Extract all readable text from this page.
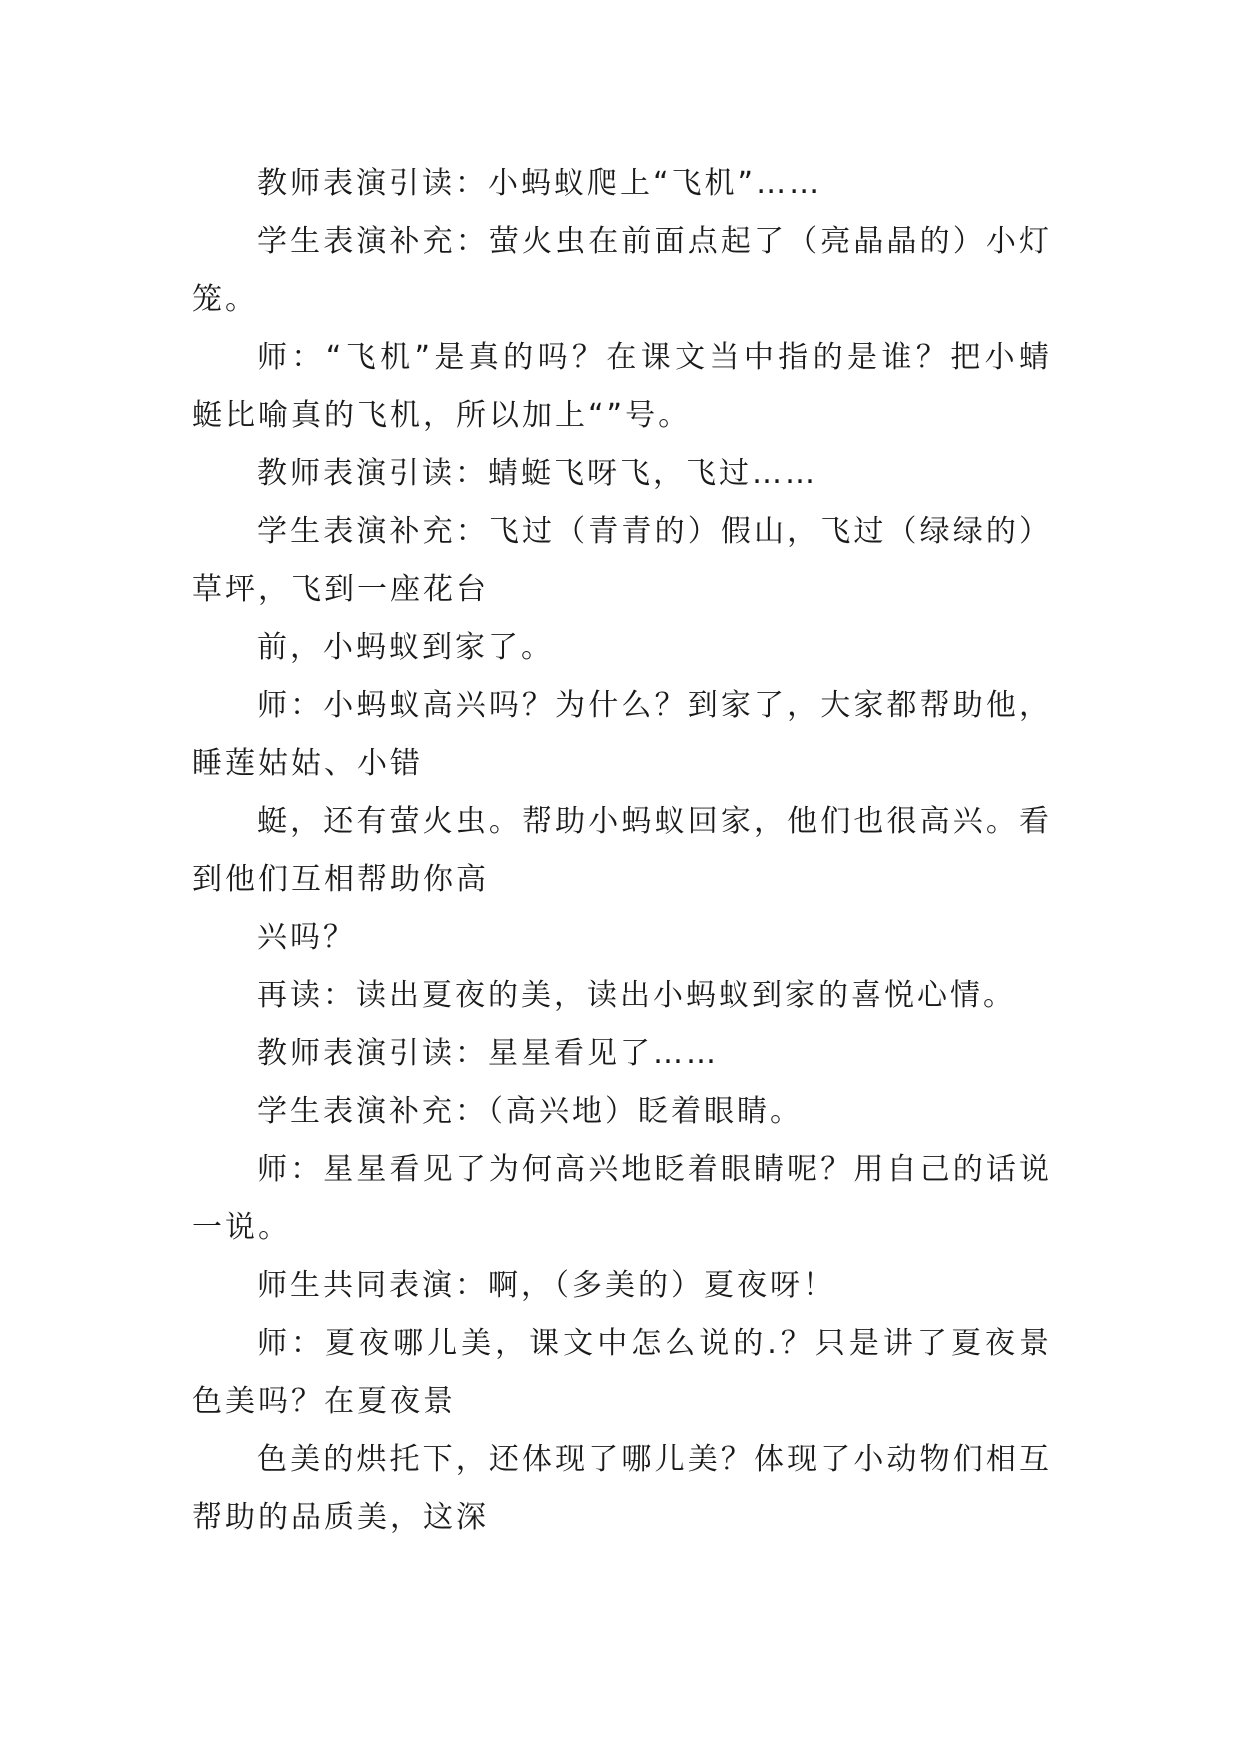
教师表演引读：小蚂蚁爬上“飞机”……

学生表演补充：萤火虫在前面点起了（亮晶晶的）小灯笼。

师：“飞机”是真的吗？在课文当中指的是谁？把小蜻蜓比喻真的飞机，所以加上“”号。

教师表演引读：蜻蜓飞呀飞，飞过……

学生表演补充：飞过（青青的）假山，飞过（绿绿的）草坪，飞到一座花台

前，小蚂蚁到家了。

师：小蚂蚁高兴吗？为什么？到家了，大家都帮助他，睡莲姑姑、小错

蜓，还有萤火虫。帮助小蚂蚁回家，他们也很高兴。看到他们互相帮助你高

兴吗？

再读：读出夏夜的美，读出小蚂蚁到家的喜悦心情。

教师表演引读：星星看见了……

学生表演补充：（高兴地）眨着眼睛。

师：星星看见了为何高兴地眨着眼睛呢？用自己的话说一说。

师生共同表演：啊，（多美的）夏夜呀！

师：夏夜哪儿美，课文中怎么说的.？只是讲了夏夜景色美吗？在夏夜景

色美的烘托下，还体现了哪儿美？体现了小动物们相互帮助的品质美，这深
